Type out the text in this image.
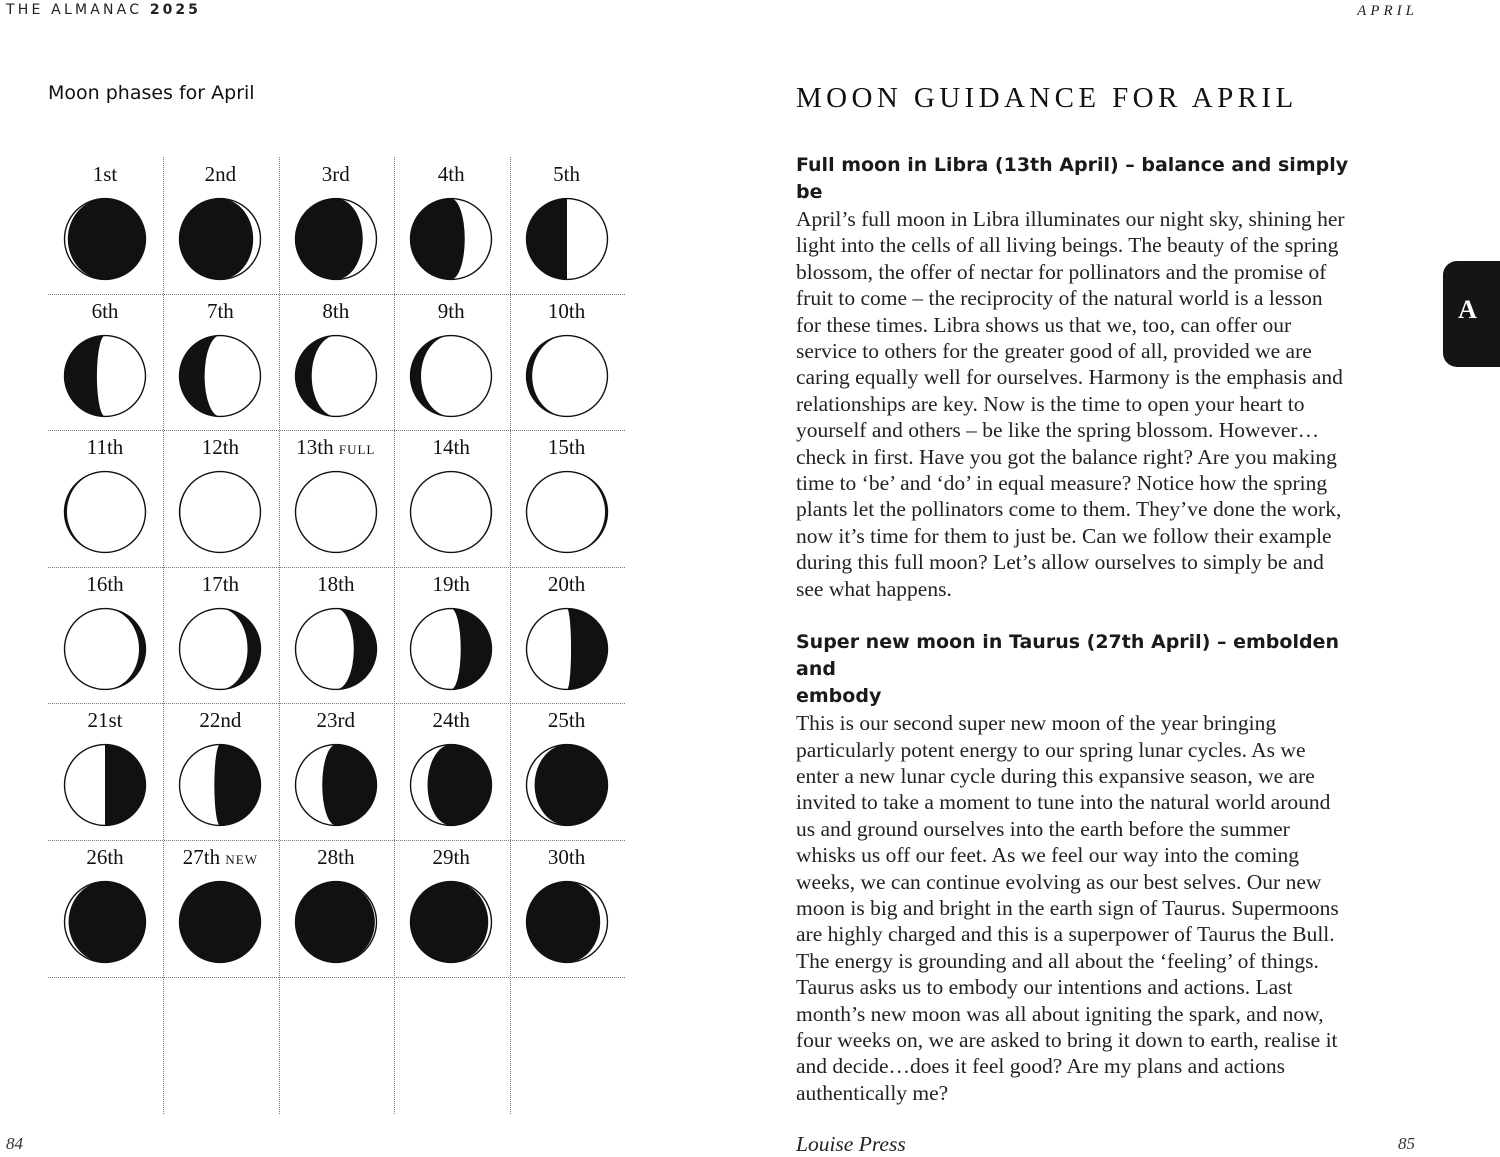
THE ALMANAC 2025	APRIL
Moon phases for April
1st	2nd	3rd	4th	5th
6th	7th	8th	9th	10th
11th	12th	13th full	14th	15th
16th	17th	18th	19th	20th
21st	22nd	23rd	24th	25th
26th	27th new	28th	29th	30th
MOON GUIDANCE FOR APRIL
Full moon in Libra (13th April) – balance and simply be
April’s full moon in Libra illuminates our night sky, shining her
light into the cells of all living beings. The beauty of the spring
blossom, the offer of nectar for pollinators and the promise of
fruit to come – the reciprocity of the natural world is a lesson
for these times. Libra shows us that we, too, can offer our
service to others for the greater good of all, provided we are
caring equally well for ourselves. Harmony is the emphasis and
relationships are key. Now is the time to open your heart to
yourself and others – be like the spring blossom. However…
check in first. Have you got the balance right? Are you making
time to ‘be’ and ‘do’ in equal measure? Notice how the spring
plants let the pollinators come to them. They’ve done the work,
now it’s time for them to just be. Can we follow their example
during this full moon? Let’s allow ourselves to simply be and
see what happens.
Super new moon in Taurus (27th April) – embolden and
embody
This is our second super new moon of the year bringing
particularly potent energy to our spring lunar cycles. As we
enter a new lunar cycle during this expansive season, we are
invited to take a moment to tune into the natural world around
us and ground ourselves into the earth before the summer
whisks us off our feet. As we feel our way into the coming
weeks, we can continue evolving as our best selves. Our new
moon is big and bright in the earth sign of Taurus. Supermoons
are highly charged and this is a superpower of Taurus the Bull.
The energy is grounding and all about the ‘feeling’ of things.
Taurus asks us to embody our intentions and actions. Last
month’s new moon was all about igniting the spark, and now,
four weeks on, we are asked to bring it down to earth, realise it
and decide…does it feel good? Are my plans and actions
authentically me?
Louise Press
A
84	85
